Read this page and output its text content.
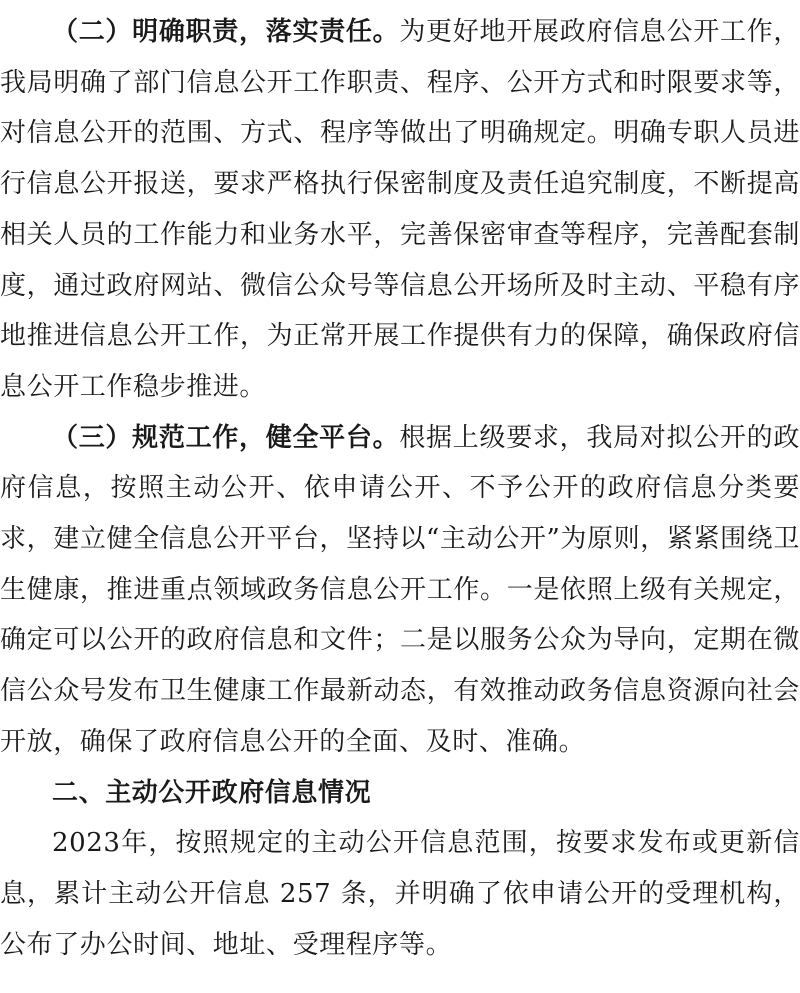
（二）明确职责，落实责任。为更好地开展政府信息公开工作，我局明确了部门信息公开工作职责、程序、公开方式和时限要求等，对信息公开的范围、方式、程序等做出了明确规定。明确专职人员进行信息公开报送，要求严格执行保密制度及责任追究制度，不断提高相关人员的工作能力和业务水平，完善保密审查等程序，完善配套制度，通过政府网站、微信公众号等信息公开场所及时主动、平稳有序地推进信息公开工作，为正常开展工作提供有力的保障，确保政府信息公开工作稳步推进。

（三）规范工作，健全平台。根据上级要求，我局对拟公开的政府信息，按照主动公开、依申请公开、不予公开的政府信息分类要求，建立健全信息公开平台，坚持以“主动公开”为原则，紧紧围绕卫生健康，推进重点领域政务信息公开工作。一是依照上级有关规定，确定可以公开的政府信息和文件；二是以服务公众为导向，定期在微信公众号发布卫生健康工作最新动态，有效推动政务信息资源向社会开放，确保了政府信息公开的全面、及时、准确。

二、主动公开政府信息情况

2023年，按照规定的主动公开信息范围，按要求发布或更新信息，累计主动公开信息 257 条，并明确了依申请公开的受理机构，公布了办公时间、地址、受理程序等。
